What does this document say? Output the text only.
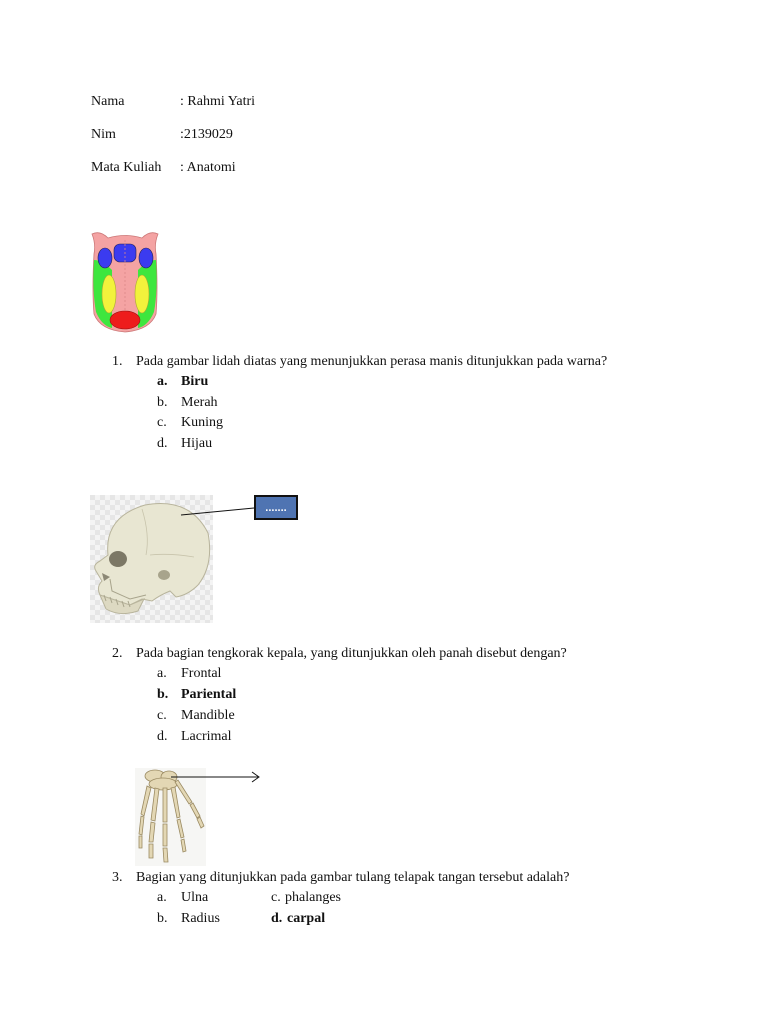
Nama	: Rahmi Yatri
Nim	:2139029
Mata Kuliah : Anatomi
1. Pada gambar lidah diatas yang menunjukkan perasa manis ditunjukkan pada warna?
a. Biru
b. Merah
c. Kuning
d. Hijau
.......
2. Pada bagian tengkorak kepala, yang ditunjukkan oleh panah disebut dengan?
a. Frontal
b. Pariental
c. Mandible
d. Lacrimal
3. Bagian yang ditunjukkan pada gambar tulang telapak tangan tersebut adalah?
a. Ulna	c. phalanges
b. Radius	d. carpal
